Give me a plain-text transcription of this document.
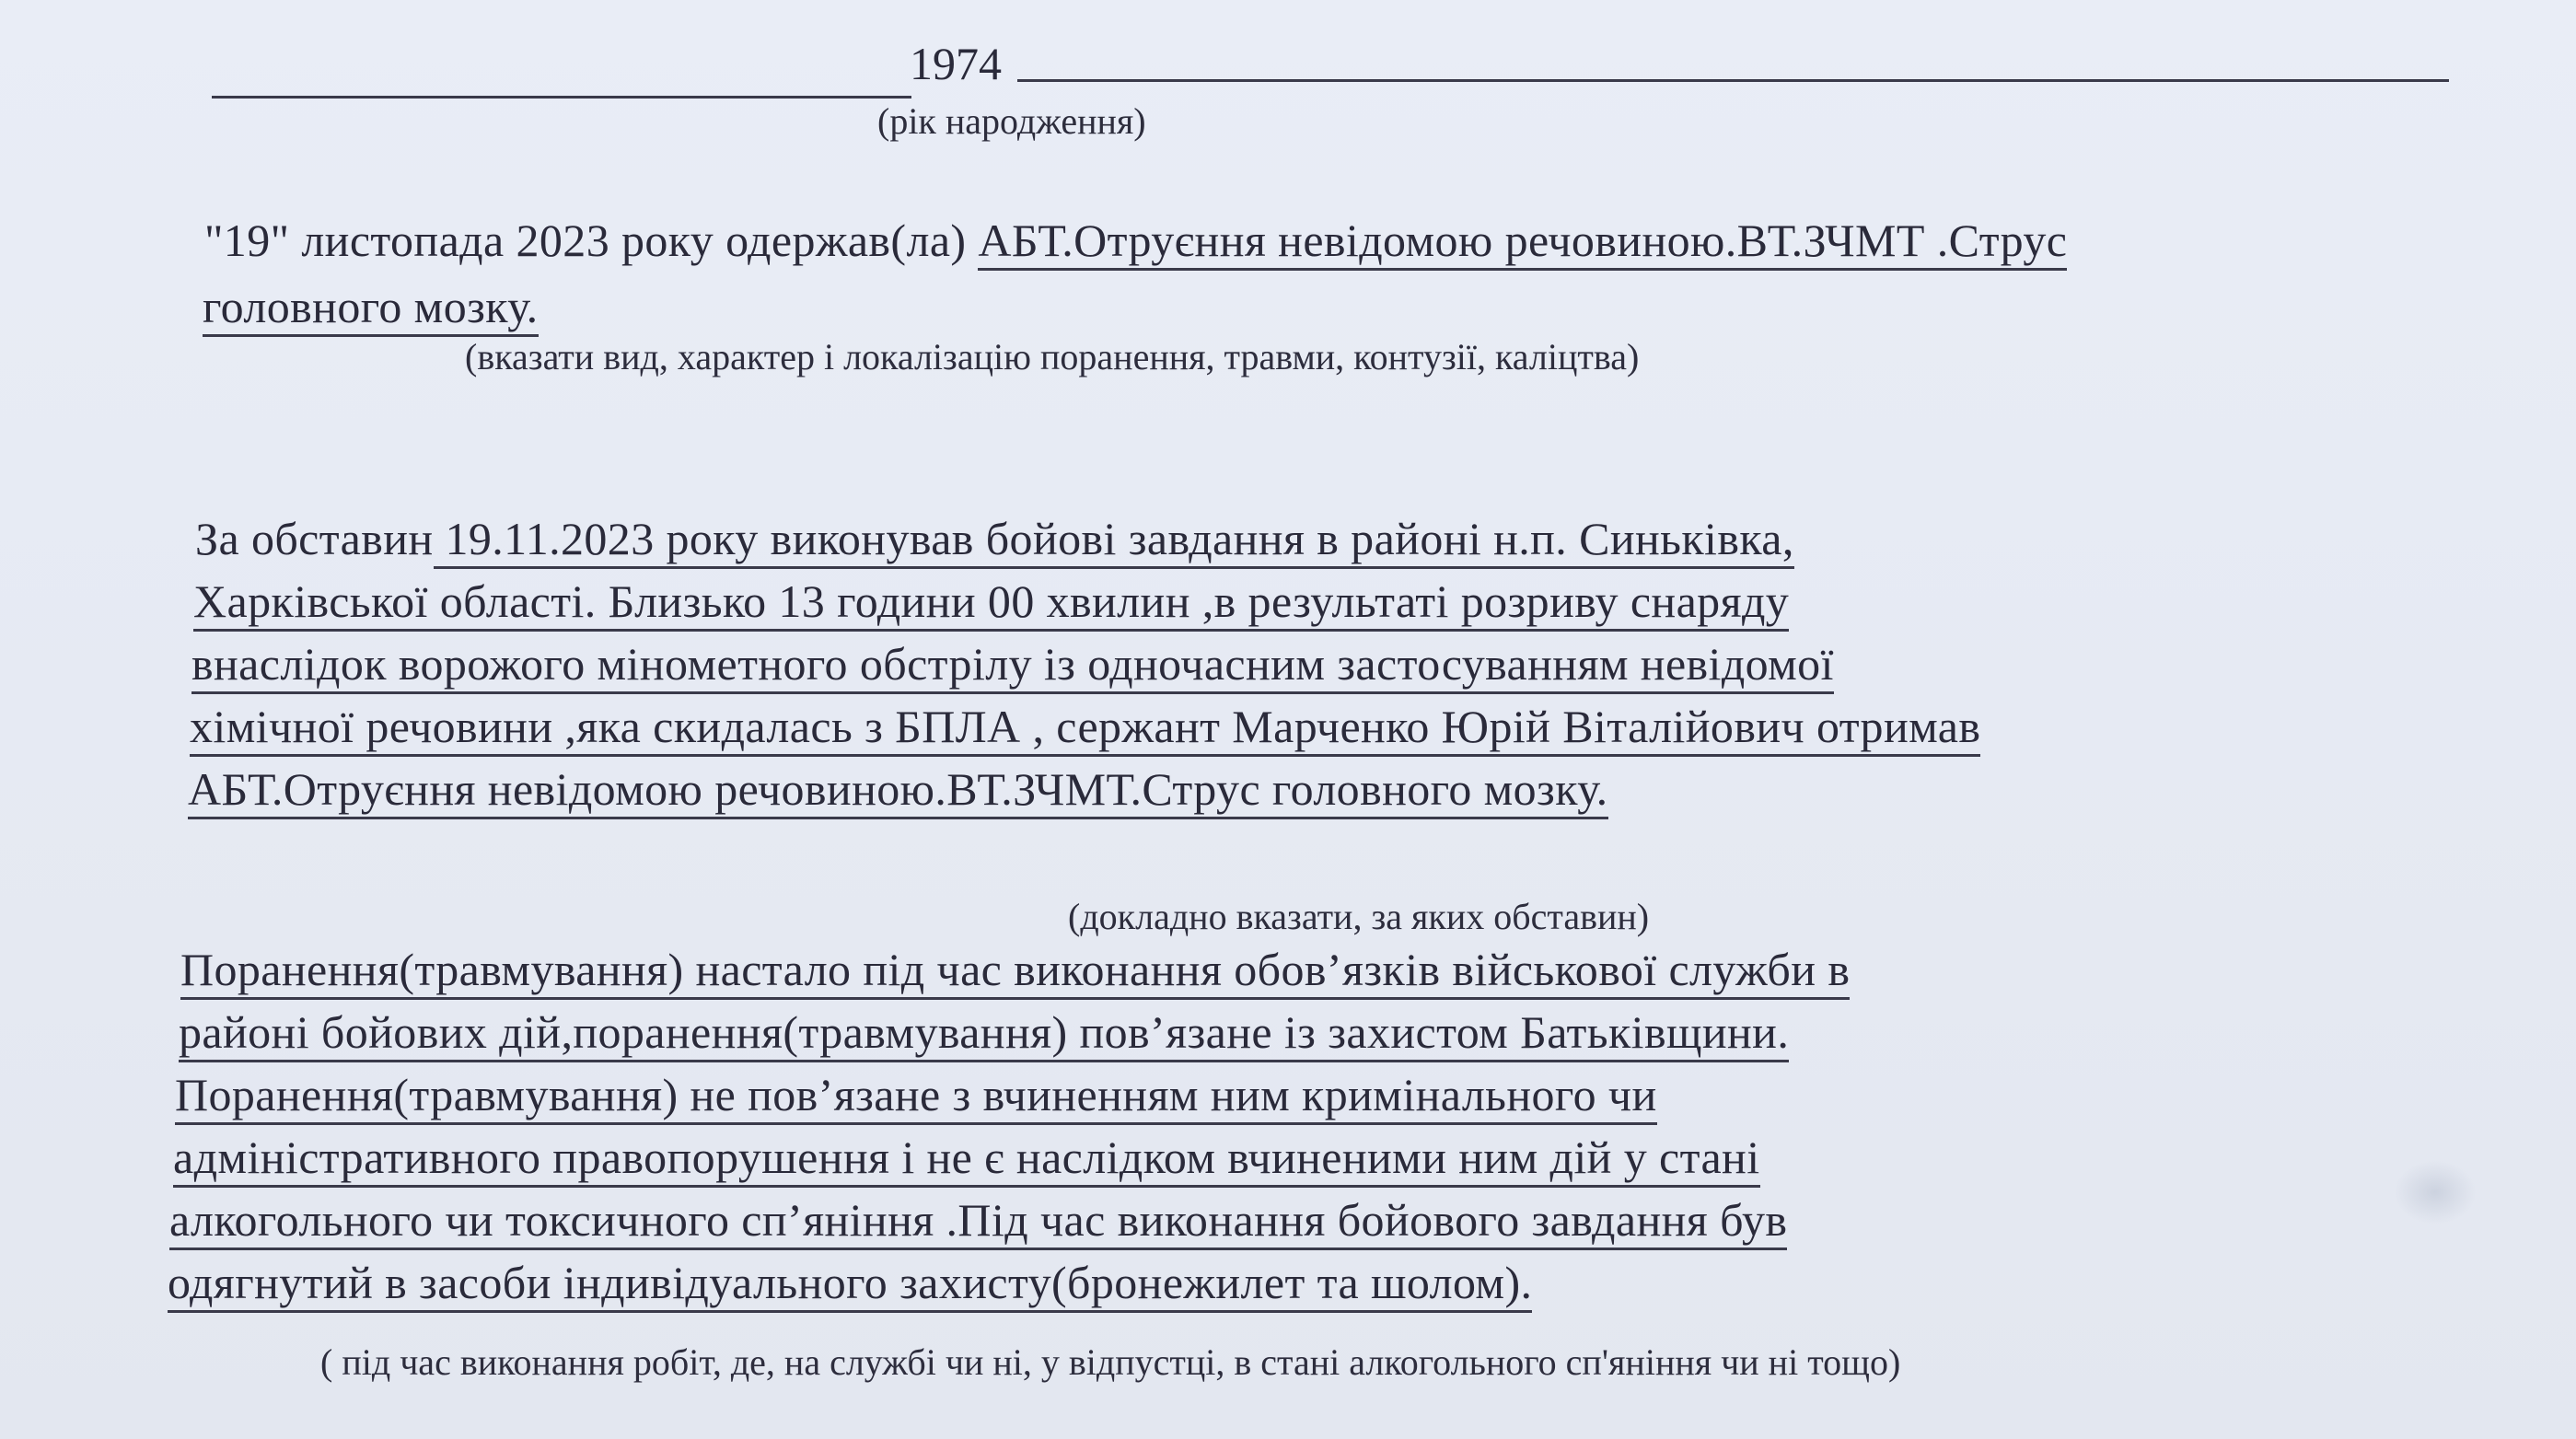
1974
(рік народження)
"19" листопада 2023 року одержав(ла) АБТ.Отруєння невідомою речовиною.ВТ.ЗЧМТ .Струс
головного мозку.
(вказати вид, характер і локалізацію поранення, травми, контузії, каліцтва)
За обставин 19.11.2023 року виконував бойові завдання в районі н.п. Синьківка,
Харківської області. Близько 13 години 00 хвилин ,в результаті розриву снаряду
внаслідок ворожого мінометного обстрілу із одночасним застосуванням невідомої
хімічної речовини ,яка скидалась з БПЛА , сержант Марченко Юрій Віталійович отримав
АБТ.Отруєння невідомою речовиною.ВТ.ЗЧМТ.Струс головного мозку.
(докладно вказати, за яких обставин)
Поранення(травмування) настало під час виконання обов’язків військової служби в
районі бойових дій,поранення(травмування) пов’язане із захистом Батьківщини.
Поранення(травмування) не пов’язане з вчиненням ним кримінального чи
адміністративного правопорушення і не є наслідком вчиненими ним дій у стані
алкогольного чи токсичного сп’яніння .Під час виконання бойового завдання був
одягнутий в засоби індивідуального захисту(бронежилет та шолом).
( під час виконання робіт, де, на службі чи ні, у відпустці, в стані алкогольного сп'яніння чи ні тощо)
